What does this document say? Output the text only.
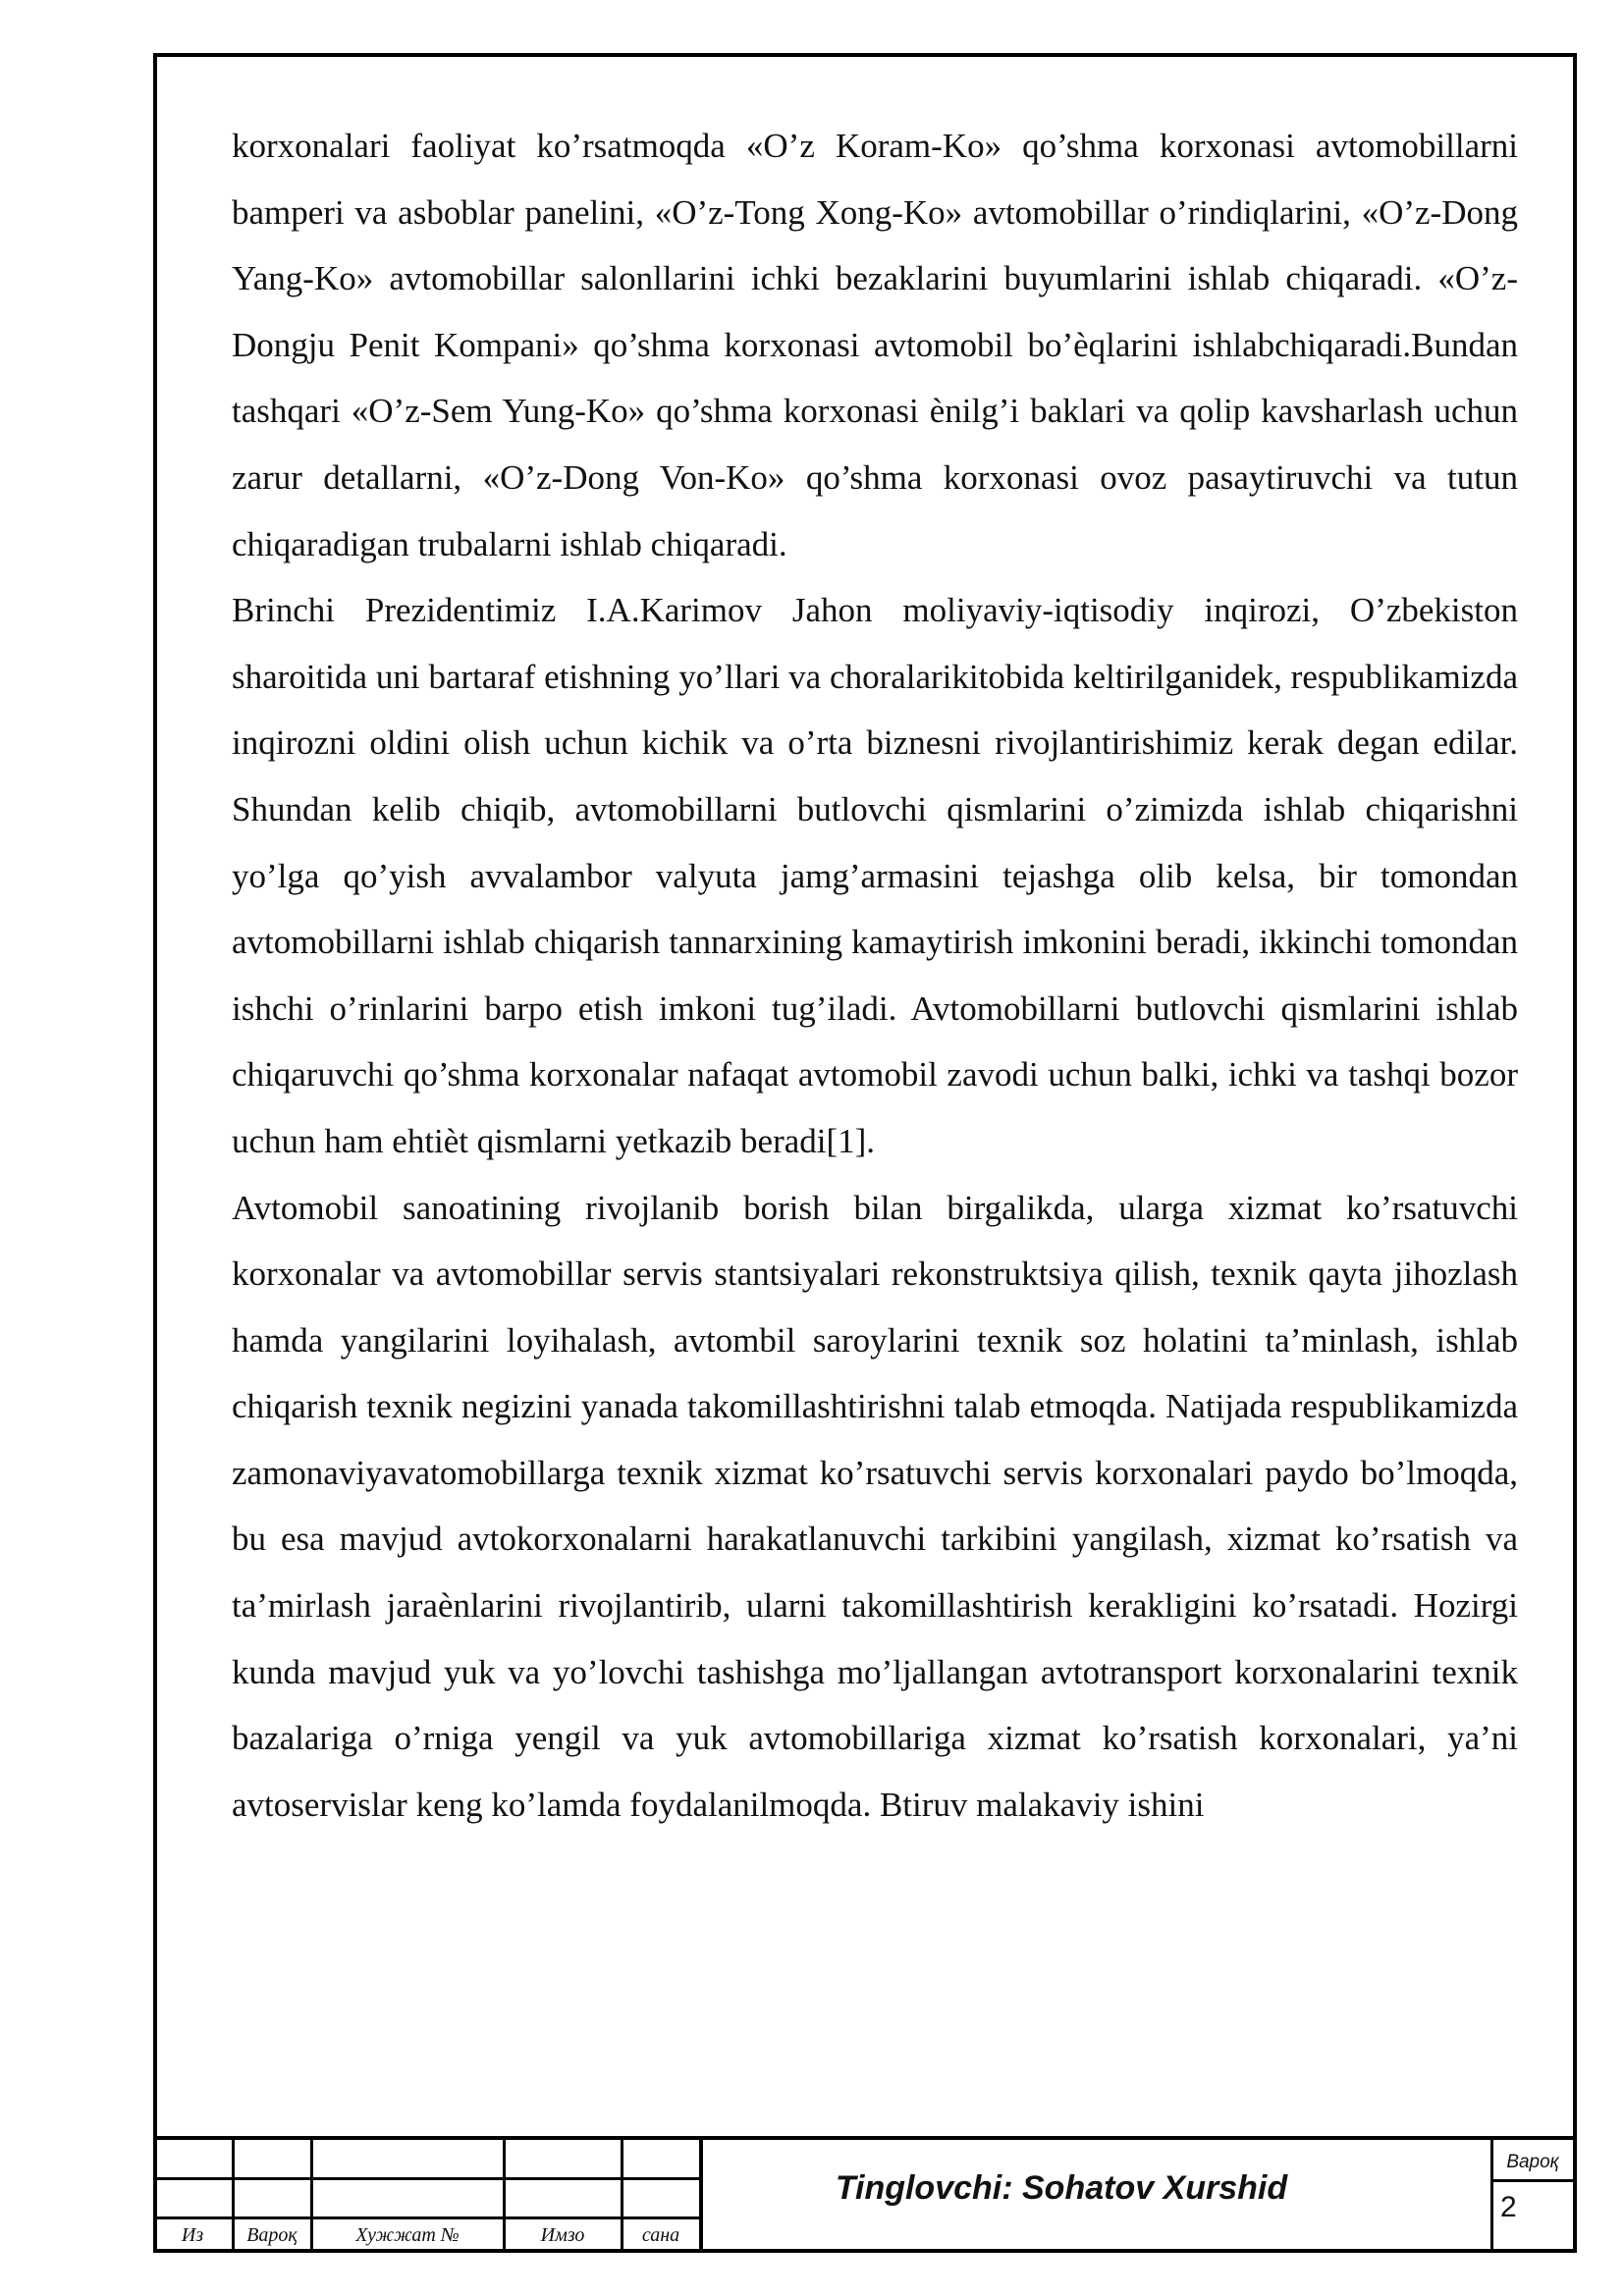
korxonalari faoliyat ko’rsatmoqda «O’z Koram-Ko» qo’shma korxonasi avtomobillarni bamperi va asboblar panelini, «O’z-Tong Xong-Ko» avtomobillar o’rindiqlarini, «O’z-Dong Yang-Ko» avtomobillar salonllarini ichki bezaklarini buyumlarini ishlab chiqaradi. «O’z-Dongju Penit Kompani» qo’shma korxonasi avtomobil bo’èqlarini ishlabchiqaradi.Bundan tashqari «O’z-Sem Yung-Ko» qo’shma korxonasi ènilg’i baklari va qolip kavsharlash uchun zarur detallarni, «O’z-Dong Von-Ko» qo’shma korxonasi ovoz pasaytiruvchi va tutun chiqaradigan trubalarni ishlab chiqaradi.

Brinchi Prezidentimiz I.A.Karimov Jahon moliyaviy-iqtisodiy inqirozi, O’zbekiston sharoitida uni bartaraf etishning yo’llari va choralarikitobida keltirilganidek, respublikamizda inqirozni oldini olish uchun kichik va o’rta biznesni rivojlantirishimiz kerak degan edilar. Shundan kelib chiqib, avtomobillarni butlovchi qismlarini o’zimizda ishlab chiqarishni yo’lga qo’yish avvalambor valyuta jamg’armasini tejashga olib kelsa, bir tomondan avtomobillarni ishlab chiqarish tannarxining kamaytirish imkonini beradi, ikkinchi tomondan ishchi o’rinlarini barpo etish imkoni tug’iladi. Avtomobillarni butlovchi qismlarini ishlab chiqaruvchi qo’shma korxonalar nafaqat avtomobil zavodi uchun balki, ichki va tashqi bozor uchun ham ehtièt qismlarni yetkazib beradi[1].

Avtomobil sanoatining rivojlanib borish bilan birgalikda, ularga xizmat ko’rsatuvchi korxonalar va avtomobillar servis stantsiyalari rekonstruktsiya qilish, texnik qayta jihozlash hamda yangilarini loyihalash, avtombil saroylarini texnik soz holatini ta’minlash, ishlab chiqarish texnik negizini yanada takomillashtirishni talab etmoqda. Natijada respublikamizda zamonaviyavatomobillarga texnik xizmat ko’rsatuvchi servis korxonalari paydo bo’lmoqda, bu esa mavjud avtokorxonalarni harakatlanuvchi tarkibini yangilash, xizmat ko’rsatish va ta’mirlash jaraènlarini rivojlantirib, ularni takomillashtirish kerakligini ko’rsatadi. Hozirgi kunda mavjud yuk va yo’lovchi tashishga mo’ljallangan avtotransport korxonalarini texnik bazalariga o’rniga yengil va yuk avtomobillariga xizmat ko’rsatish korxonalari, ya’ni avtoservislar keng ko’lamda foydalanilmoqda. Btiruv malakaviy ishini

Из	Вароқ	Хужжат №	Имзо	сана
Tinglovchi: Sohatov Xurshid
Вароқ
2
